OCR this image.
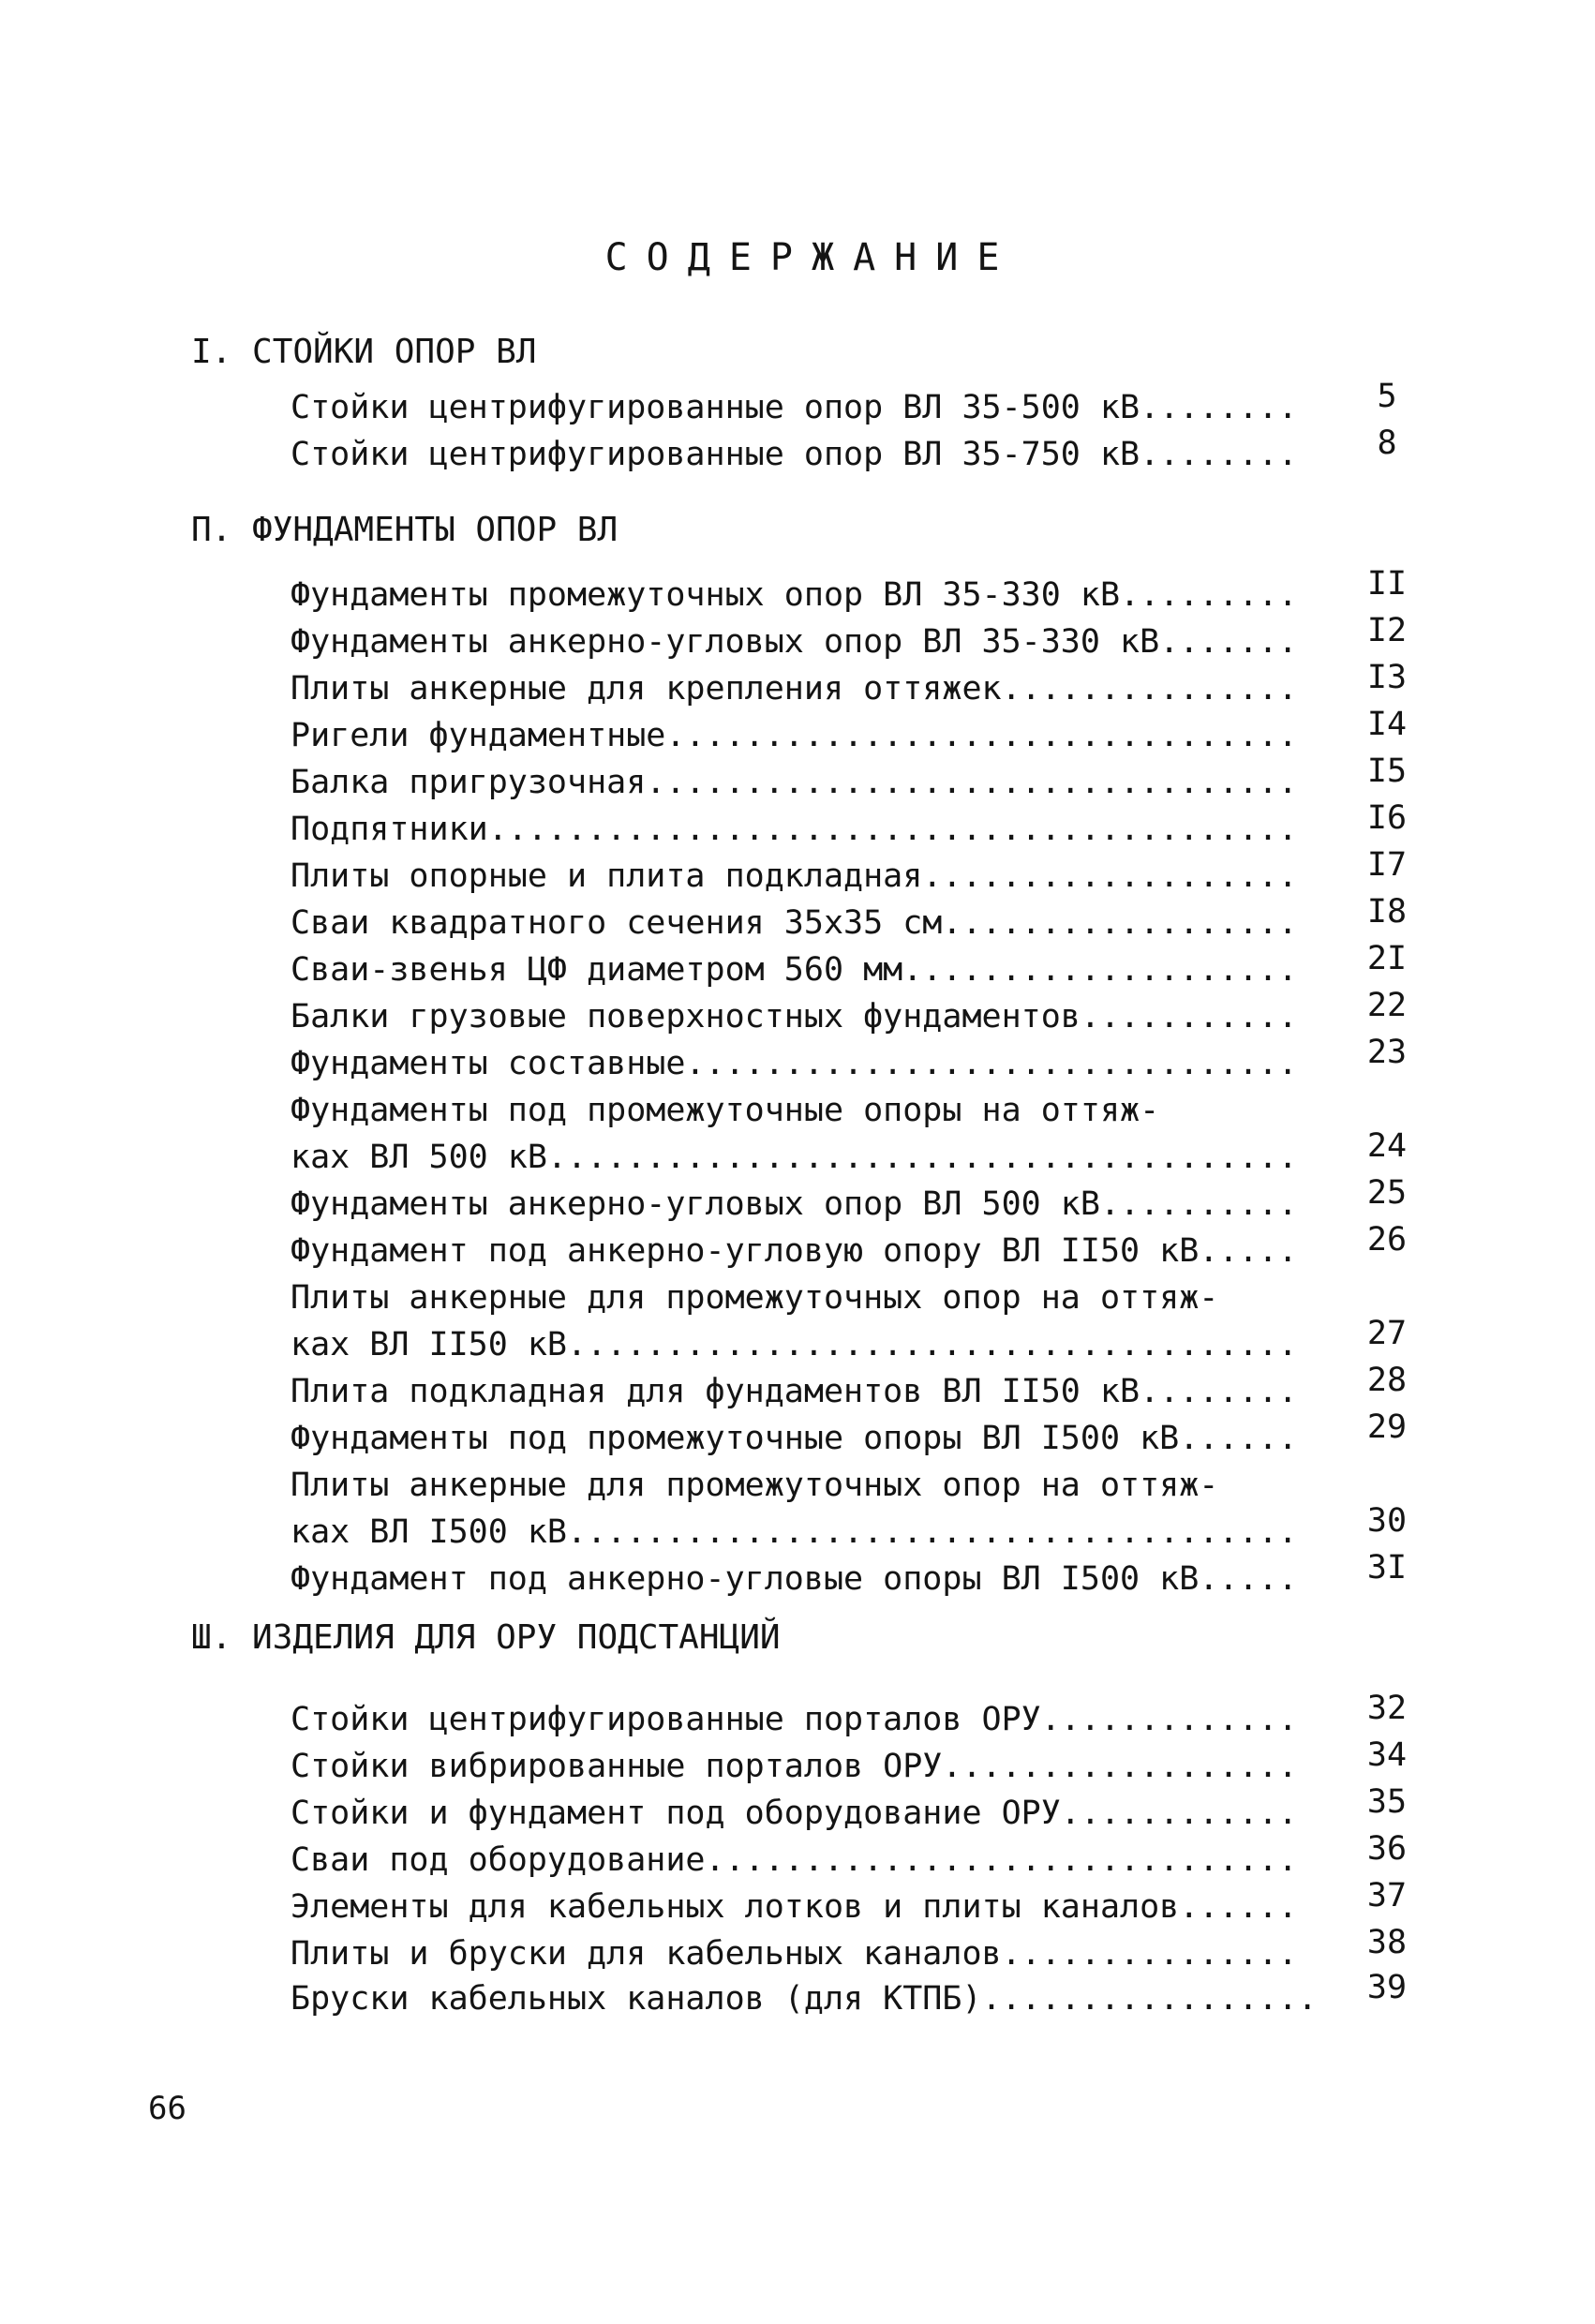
СОДЕРЖАНИЕ
I. СТОЙКИ ОПОР ВЛ
Стойки центрифугированные опор ВЛ 35-500 кВ........	5
Стойки центрифугированные опор ВЛ 35-750 кВ........	8
П. ФУНДАМЕНТЫ ОПОР ВЛ
Фундаменты промежуточных опор ВЛ 35-330 кВ.........	II
Фундаменты анкерно-угловых опор ВЛ 35-330 кВ.......	I2
Плиты анкерные для крепления оттяжек...............	I3
Ригели фундаментные................................	I4
Балка пригрузочная.................................	I5
Подпятники.........................................	I6
Плиты опорные и плита подкладная...................	I7
Сваи квадратного сечения 35х35 см..................	I8
Сваи-звенья ЦФ диаметром 560 мм....................	2I
Балки грузовые поверхностных фундаментов...........	22
Фундаменты составные...............................	23
Фундаменты под промежуточные опоры на оттяж-
ках ВЛ 500 кВ......................................	24
Фундаменты анкерно-угловых опор ВЛ 500 кВ..........	25
Фундамент под анкерно-угловую опору ВЛ II50 кВ.....	26
Плиты анкерные для промежуточных опор на оттяж-
ках ВЛ II50 кВ.....................................	27
Плита подкладная для фундаментов ВЛ II50 кВ........	28
Фундаменты под промежуточные опоры ВЛ I500 кВ......	29
Плиты анкерные для промежуточных опор на оттяж-
ках ВЛ I500 кВ.....................................	30
Фундамент под анкерно-угловые опоры ВЛ I500 кВ.....	3I
Ш. ИЗДЕЛИЯ ДЛЯ ОРУ ПОДСТАНЦИЙ
Стойки центрифугированные порталов ОРУ.............	32
Стойки вибрированные порталов ОРУ..................	34
Стойки и фундамент под оборудование ОРУ............	35
Сваи под оборудование..............................	36
Элементы для кабельных лотков и плиты каналов......	37
Плиты и бруски для кабельных каналов...............	38
Бруски кабельных каналов (для КТПБ).................	39
66
